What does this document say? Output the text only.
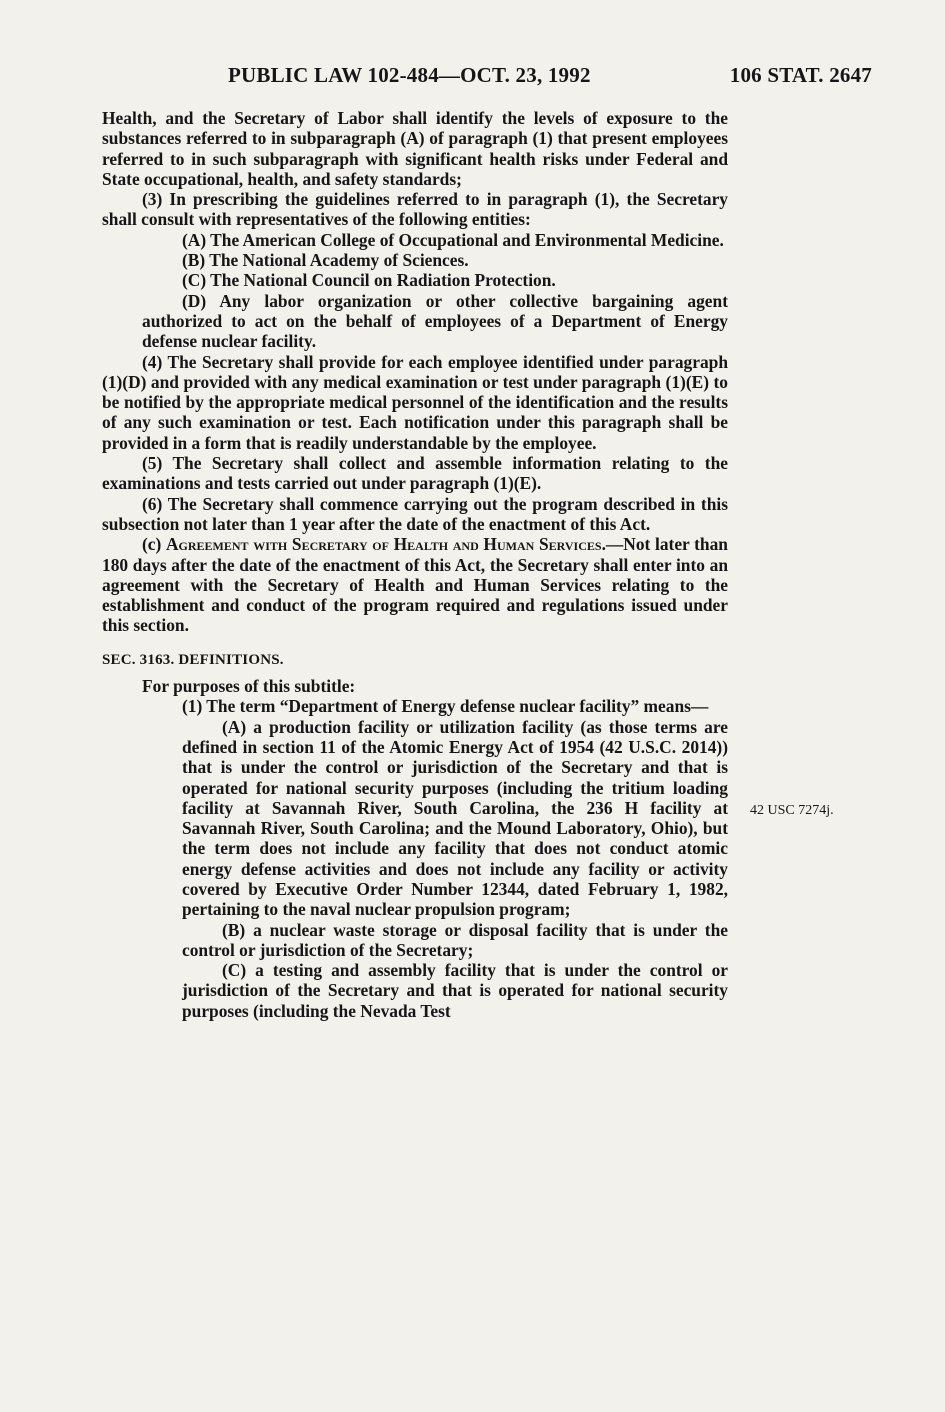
PUBLIC LAW 102-484—OCT. 23, 1992	106 STAT. 2647
42 USC 7274j.

Health, and the Secretary of Labor shall identify the levels of exposure to the substances referred to in subparagraph (A) of paragraph (1) that present employees referred to in such subparagraph with significant health risks under Federal and State occupational, health, and safety standards;

(3) In prescribing the guidelines referred to in paragraph (1), the Secretary shall consult with representatives of the following entities:

(A) The American College of Occupational and Environmental Medicine.

(B) The National Academy of Sciences.

(C) The National Council on Radiation Protection.

(D) Any labor organization or other collective bargaining agent authorized to act on the behalf of employees of a Department of Energy defense nuclear facility.

(4) The Secretary shall provide for each employee identified under paragraph (1)(D) and provided with any medical examination or test under paragraph (1)(E) to be notified by the appropriate medical personnel of the identification and the results of any such examination or test. Each notification under this paragraph shall be provided in a form that is readily understandable by the employee.

(5) The Secretary shall collect and assemble information relating to the examinations and tests carried out under paragraph (1)(E).

(6) The Secretary shall commence carrying out the program described in this subsection not later than 1 year after the date of the enactment of this Act.

(c) Agreement with Secretary of Health and Human Services.—Not later than 180 days after the date of the enactment of this Act, the Secretary shall enter into an agreement with the Secretary of Health and Human Services relating to the establishment and conduct of the program required and regulations issued under this section.

SEC. 3163. DEFINITIONS.

For purposes of this subtitle:

(1) The term “Department of Energy defense nuclear facility” means—

(A) a production facility or utilization facility (as those terms are defined in section 11 of the Atomic Energy Act of 1954 (42 U.S.C. 2014)) that is under the control or jurisdiction of the Secretary and that is operated for national security purposes (including the tritium loading facility at Savannah River, South Carolina, the 236 H facility at Savannah River, South Carolina; and the Mound Laboratory, Ohio), but the term does not include any facility that does not conduct atomic energy defense activities and does not include any facility or activity covered by Executive Order Number 12344, dated February 1, 1982, pertaining to the naval nuclear propulsion program;

(B) a nuclear waste storage or disposal facility that is under the control or jurisdiction of the Secretary;

(C) a testing and assembly facility that is under the control or jurisdiction of the Secretary and that is operated for national security purposes (including the Nevada Test
